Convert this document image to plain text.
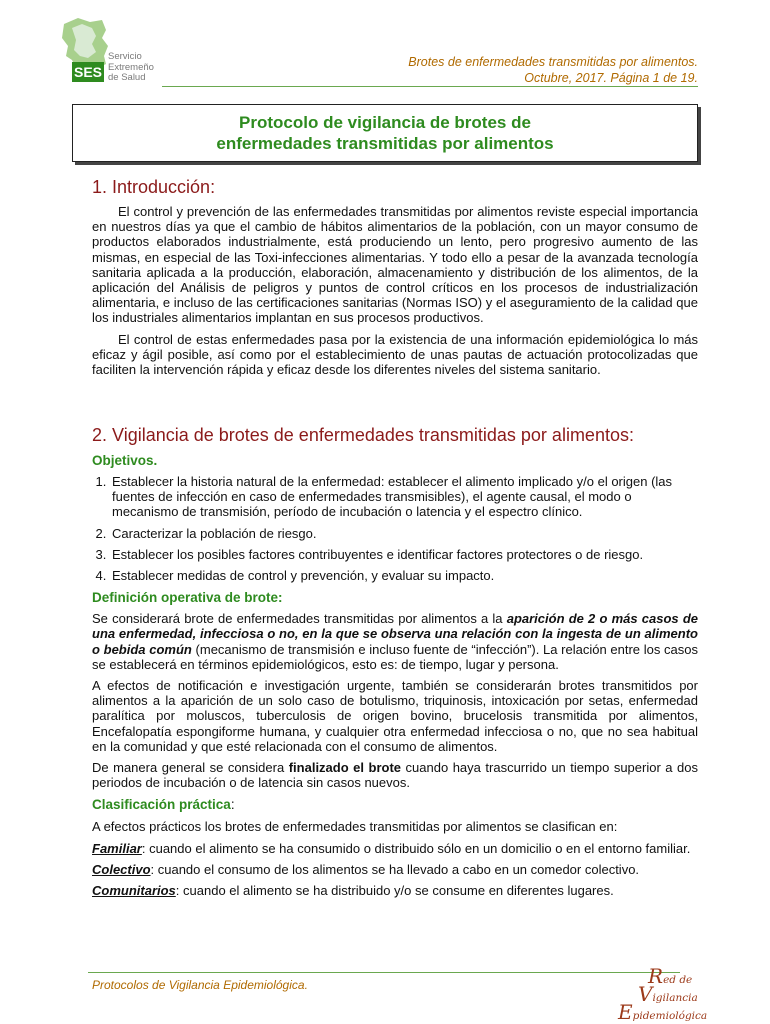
SES
Servicio
Extremeño
de Salud
Brotes de enfermedades transmitidas por alimentos.
Octubre, 2017. Página 1 de 19.
Protocolo de vigilancia de brotes de
enfermedades transmitidas por alimentos
1. Introducción:

El control y prevención de las enfermedades transmitidas por alimentos reviste especial importancia en nuestros días ya que el cambio de hábitos alimentarios de la población, con un mayor consumo de productos elaborados industrialmente, está produciendo un lento, pero progresivo aumento de las mismas, en especial de las Toxi-infecciones alimentarias. Y todo ello a pesar de la avanzada tecnología sanitaria aplicada a la producción, elaboración, almacenamiento y distribución de los alimentos, de la aplicación del Análisis de peligros y puntos de control críticos en los procesos de industrialización alimentaria, e incluso de las certificaciones sanitarias (Normas ISO) y el aseguramiento de la calidad que los industriales alimentarios implantan en sus procesos productivos.

El control de estas enfermedades pasa por la existencia de una información epidemiológica lo más eficaz y ágil posible, así como por el establecimiento de unas pautas de actuación protocolizadas que faciliten la intervención rápida y eficaz desde los diferentes niveles del sistema sanitario.

2. Vigilancia de brotes de enfermedades transmitidas por alimentos:
Objetivos.
1. Establecer la historia natural de la enfermedad: establecer el alimento implicado y/o el origen (las fuentes de infección en caso de enfermedades transmisibles), el agente causal, el modo o mecanismo de transmisión, período de incubación o latencia y el espectro clínico.
2. Caracterizar la población de riesgo.
3. Establecer los posibles factores contribuyentes e identificar factores protectores o de riesgo.
4. Establecer medidas de control y prevención, y evaluar su impacto.
Definición operativa de brote:

Se considerará brote de enfermedades transmitidas por alimentos a la aparición de 2 o más casos de una enfermedad, infecciosa o no, en la que se observa una relación con la ingesta de un alimento o bebida común (mecanismo de transmisión e incluso fuente de “infección”). La relación entre los casos se establecerá en términos epidemiológicos, esto es: de tiempo, lugar y persona.

A efectos de notificación e investigación urgente, también se considerarán brotes transmitidos por alimentos a la aparición de un solo caso de botulismo, triquinosis, intoxicación por setas, enfermedad paralítica por moluscos, tuberculosis de origen bovino, brucelosis transmitida por alimentos, Encefalopatía espongiforme humana, y cualquier otra enfermedad infecciosa o no, que no sea habitual en la comunidad y que esté relacionada con el consumo de alimentos.

De manera general se considera finalizado el brote cuando haya trascurrido un tiempo superior a dos periodos de incubación o de latencia sin casos nuevos.

Clasificación práctica:

A efectos prácticos los brotes de enfermedades transmitidas por alimentos se clasifican en:

Familiar: cuando el alimento se ha consumido o distribuido sólo en un domicilio o en el entorno familiar.

Colectivo: cuando el consumo de los alimentos se ha llevado a cabo en un comedor colectivo.

Comunitarios: cuando el alimento se ha distribuido y/o se consume en diferentes lugares.

Protocolos de Vigilancia Epidemiológica.	Red de
Vigilancia
Epidemiológica
